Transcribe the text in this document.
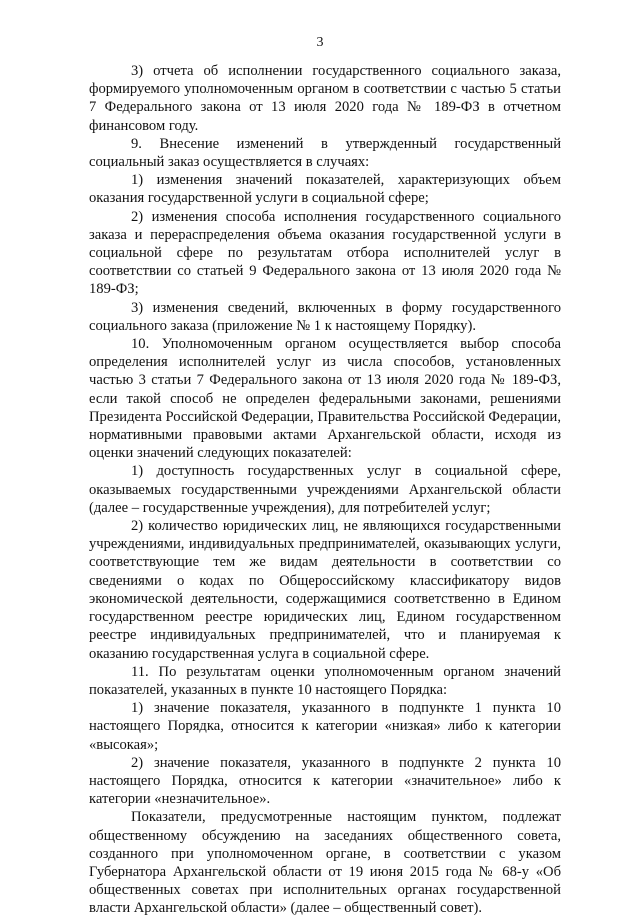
3

3) отчета об исполнении государственного социального заказа, формируемого уполномоченным органом в соответствии с частью 5 статьи 7 Федерального закона от 13 июля 2020 года № 189-ФЗ в отчетном финансовом году.

9. Внесение изменений в утвержденный государственный социальный заказ осуществляется в случаях:

1) изменения значений показателей, характеризующих объем оказания государственной услуги в социальной сфере;

2) изменения способа исполнения государственного социального заказа и перераспределения объема оказания государственной услуги в социальной сфере по результатам отбора исполнителей услуг в соответствии со статьей 9 Федерального закона от 13 июля 2020 года № 189-ФЗ;

3) изменения сведений, включенных в форму государственного социального заказа (приложение № 1 к настоящему Порядку).

10. Уполномоченным органом осуществляется выбор способа определения исполнителей услуг из числа способов, установленных частью 3 статьи 7 Федерального закона от 13 июля 2020 года № 189-ФЗ, если такой способ не определен федеральными законами, решениями Президента Российской Федерации, Правительства Российской Федерации, нормативными правовыми актами Архангельской области, исходя из оценки значений следующих показателей:

1) доступность государственных услуг в социальной сфере, оказываемых государственными учреждениями Архангельской области (далее – государственные учреждения), для потребителей услуг;

2) количество юридических лиц, не являющихся государственными учреждениями, индивидуальных предпринимателей, оказывающих услуги, соответствующие тем же видам деятельности в соответствии со сведениями о кодах по Общероссийскому классификатору видов экономической деятельности, содержащимися соответственно в Едином государственном реестре юридических лиц, Едином государственном реестре индивидуальных предпринимателей, что и планируемая к оказанию государственная услуга в социальной сфере.

11. По результатам оценки уполномоченным органом значений показателей, указанных в пункте 10 настоящего Порядка:

1) значение показателя, указанного в подпункте 1 пункта 10 настоящего Порядка, относится к категории «низкая» либо к категории «высокая»;

2) значение показателя, указанного в подпункте 2 пункта 10 настоящего Порядка, относится к категории «значительное» либо к категории «незначительное».

Показатели, предусмотренные настоящим пунктом, подлежат общественному обсуждению на заседаниях общественного совета, созданного при уполномоченном органе, в соответствии с указом Губернатора Архангельской области от 19 июня 2015 года № 68-у «Об общественных советах при исполнительных органах государственной власти Архангельской области» (далее – общественный совет).
